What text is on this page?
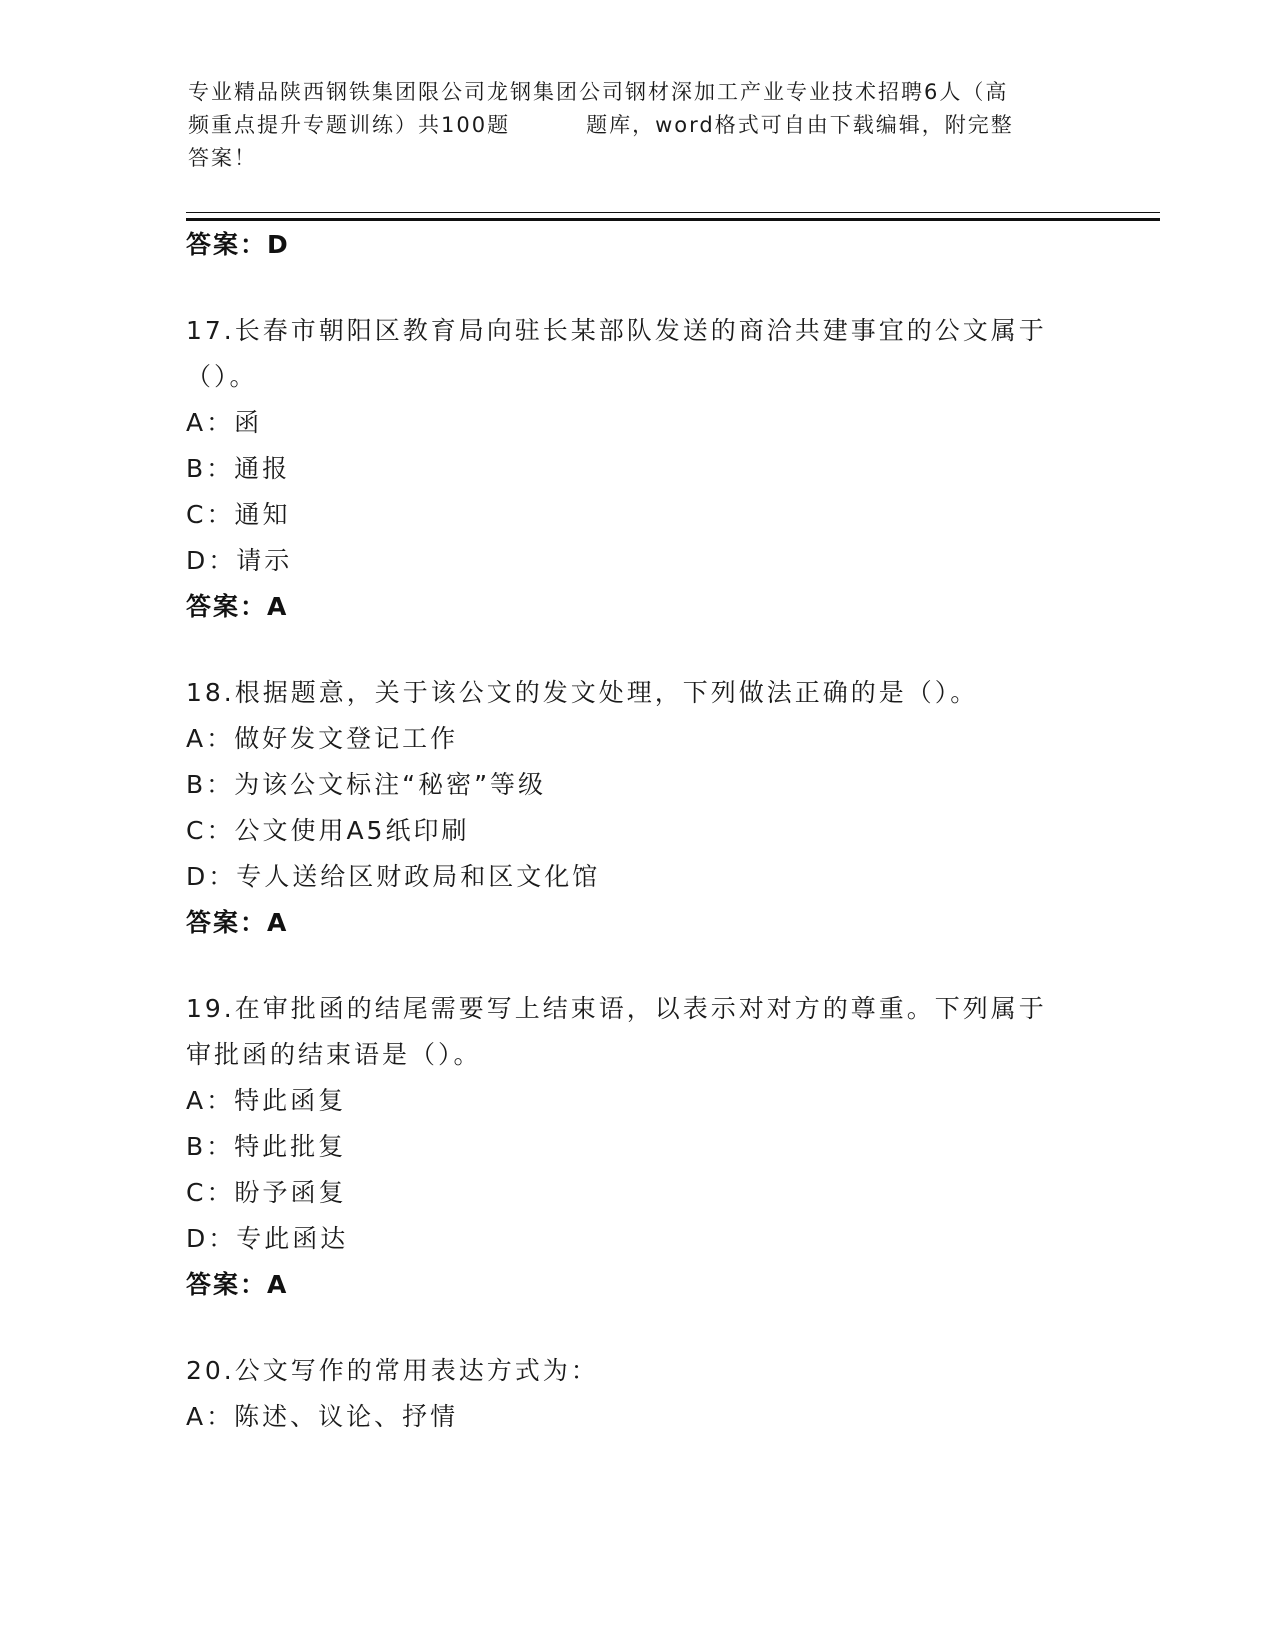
专业精品陕西钢铁集团限公司龙钢集团公司钢材深加工产业专业技术招聘6人（高
频重点提升专题训练）共100题	题库，word格式可自由下载编辑，附完整
答案！
答案：D
17.长春市朝阳区教育局向驻长某部队发送的商洽共建事宜的公文属于
（）。
A：函
B：通报
C：通知
D：请示
答案：A
18.根据题意，关于该公文的发文处理，下列做法正确的是（）。
A：做好发文登记工作
B：为该公文标注“秘密”等级
C：公文使用A5纸印刷
D：专人送给区财政局和区文化馆
答案：A
19.在审批函的结尾需要写上结束语，以表示对对方的尊重。下列属于
审批函的结束语是（）。
A：特此函复
B：特此批复
C：盼予函复
D：专此函达
答案：A
20.公文写作的常用表达方式为：
A：陈述、议论、抒情
